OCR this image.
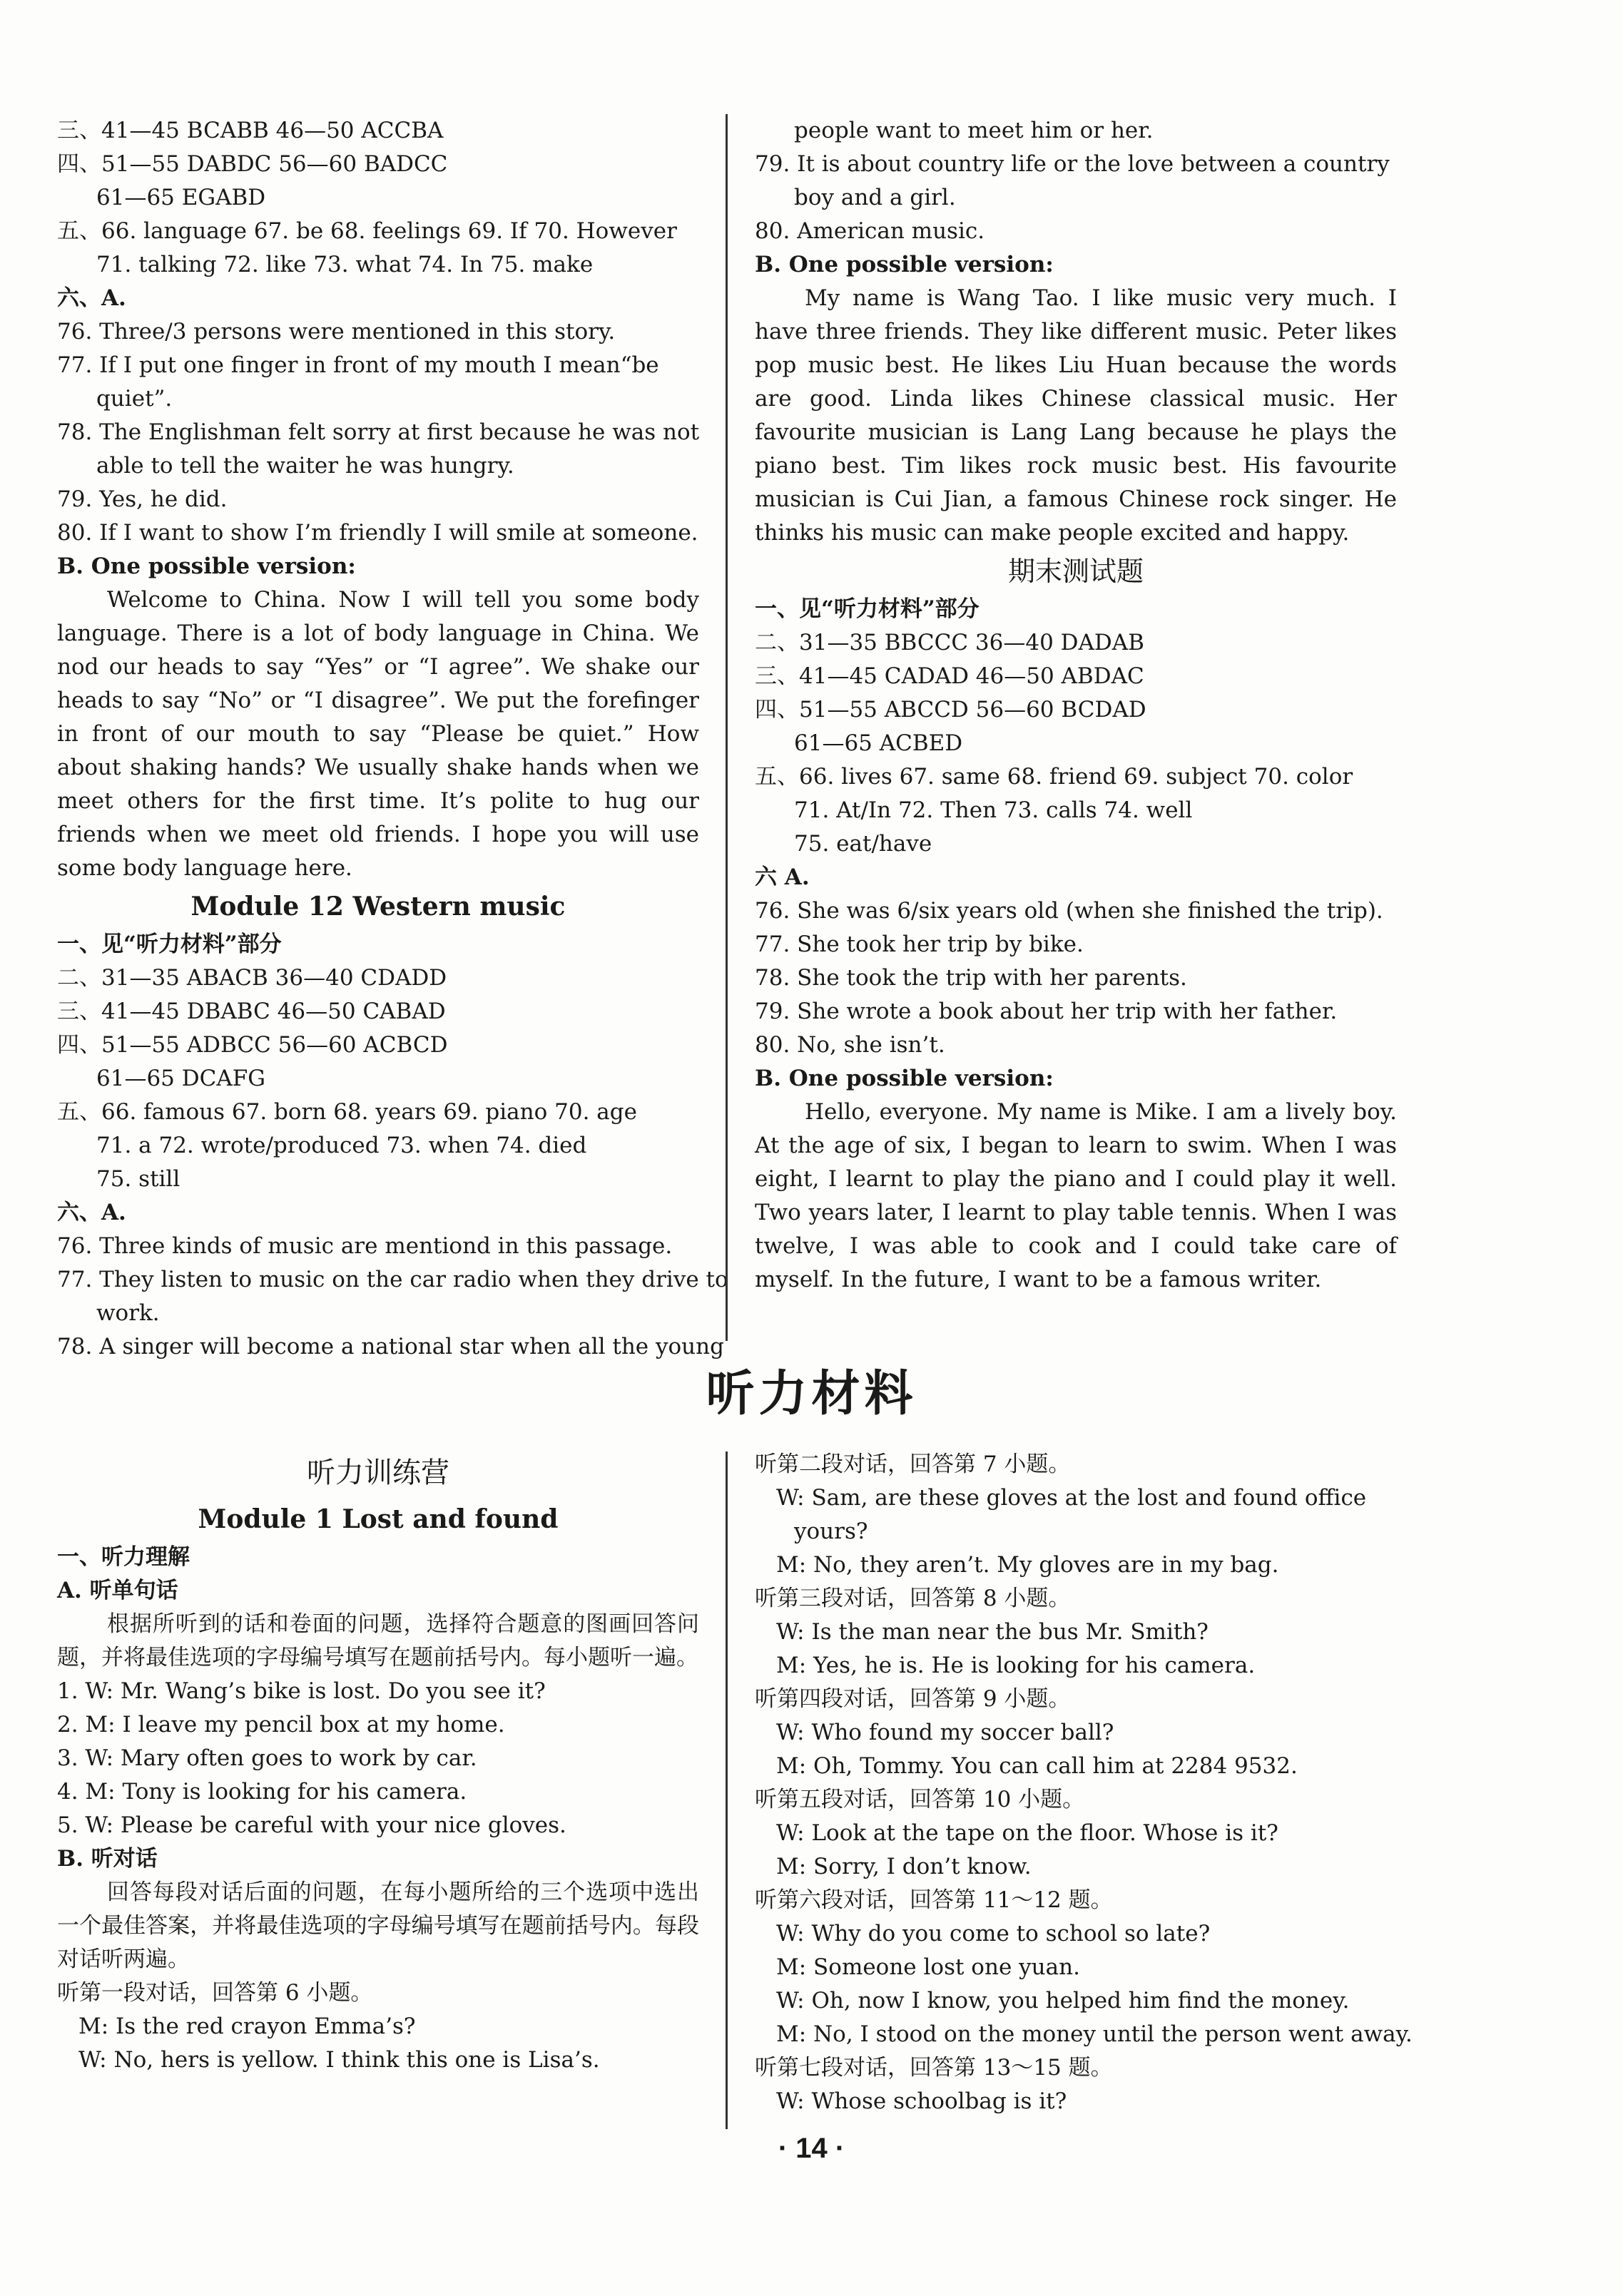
三、41—45 BCABB 46—50 ACCBA
四、51—55 DABDC 56—60 BADCC
61—65 EGABD
五、66. language 67. be 68. feelings 69. If 70. However
71. talking 72. like 73. what 74. In 75. make
六、A.
76. Three/3 persons were mentioned in this story.
77. If I put one finger in front of my mouth I mean“be
quiet”.
78. The Englishman felt sorry at first because he was not
able to tell the waiter he was hungry.
79. Yes, he did.
80. If I want to show I’m friendly I will smile at someone.
B. One possible version:
Welcome to China. Now I will tell you some body language. There is a lot of body language in China. We nod our heads to say “Yes” or “I agree”. We shake our heads to say “No” or “I disagree”. We put the forefinger in front of our mouth to say “Please be quiet.” How about shaking hands? We usually shake hands when we meet others for the first time. It’s polite to hug our friends when we meet old friends. I hope you will use some body language here.
Module 12 Western music
一、见“听力材料”部分
二、31—35 ABACB 36—40 CDADD
三、41—45 DBABC 46—50 CABAD
四、51—55 ADBCC 56—60 ACBCD
61—65 DCAFG
五、66. famous 67. born 68. years 69. piano 70. age
71. a 72. wrote/produced 73. when 74. died
75. still
六、A.
76. Three kinds of music are mentiond in this passage.
77. They listen to music on the car radio when they drive to
work.
78. A singer will become a national star when all the young
people want to meet him or her.
79. It is about country life or the love between a country
boy and a girl.
80. American music.
B. One possible version:
My name is Wang Tao. I like music very much. I have three friends. They like different music. Peter likes pop music best. He likes Liu Huan because the words are good. Linda likes Chinese classical music. Her favourite musician is Lang Lang because he plays the piano best. Tim likes rock music best. His favourite musician is Cui Jian, a famous Chinese rock singer. He thinks his music can make people excited and happy.
期末测试题
一、见“听力材料”部分
二、31—35 BBCCC 36—40 DADAB
三、41—45 CADAD 46—50 ABDAC
四、51—55 ABCCD 56—60 BCDAD
61—65 ACBED
五、66. lives 67. same 68. friend 69. subject 70. color
71. At/In 72. Then 73. calls 74. well
75. eat/have
六 A.
76. She was 6/six years old (when she finished the trip).
77. She took her trip by bike.
78. She took the trip with her parents.
79. She wrote a book about her trip with her father.
80. No, she isn’t.
B. One possible version:
Hello, everyone. My name is Mike. I am a lively boy. At the age of six, I began to learn to swim. When I was eight, I learnt to play the piano and I could play it well. Two years later, I learnt to play table tennis. When I was twelve, I was able to cook and I could take care of myself. In the future, I want to be a famous writer.
听力材料
听力训练营
Module 1 Lost and found
一、听力理解
A. 听单句话
根据所听到的话和卷面的问题，选择符合题意的图画回答问题，并将最佳选项的字母编号填写在题前括号内。每小题听一遍。
1. W: Mr. Wang’s bike is lost. Do you see it?
2. M: I leave my pencil box at my home.
3. W: Mary often goes to work by car.
4. M: Tony is looking for his camera.
5. W: Please be careful with your nice gloves.
B. 听对话
回答每段对话后面的问题，在每小题所给的三个选项中选出一个最佳答案，并将最佳选项的字母编号填写在题前括号内。每段对话听两遍。
听第一段对话，回答第 6 小题。
M: Is the red crayon Emma’s?
W: No, hers is yellow. I think this one is Lisa’s.
听第二段对话，回答第 7 小题。
W: Sam, are these gloves at the lost and found office
yours?
M: No, they aren’t. My gloves are in my bag.
听第三段对话，回答第 8 小题。
W: Is the man near the bus Mr. Smith?
M: Yes, he is. He is looking for his camera.
听第四段对话，回答第 9 小题。
W: Who found my soccer ball?
M: Oh, Tommy. You can call him at 2284 9532.
听第五段对话，回答第 10 小题。
W: Look at the tape on the floor. Whose is it?
M: Sorry, I don’t know.
听第六段对话，回答第 11～12 题。
W: Why do you come to school so late?
M: Someone lost one yuan.
W: Oh, now I know, you helped him find the money.
M: No, I stood on the money until the person went away.
听第七段对话，回答第 13～15 题。
W: Whose schoolbag is it?
· 14 ·
